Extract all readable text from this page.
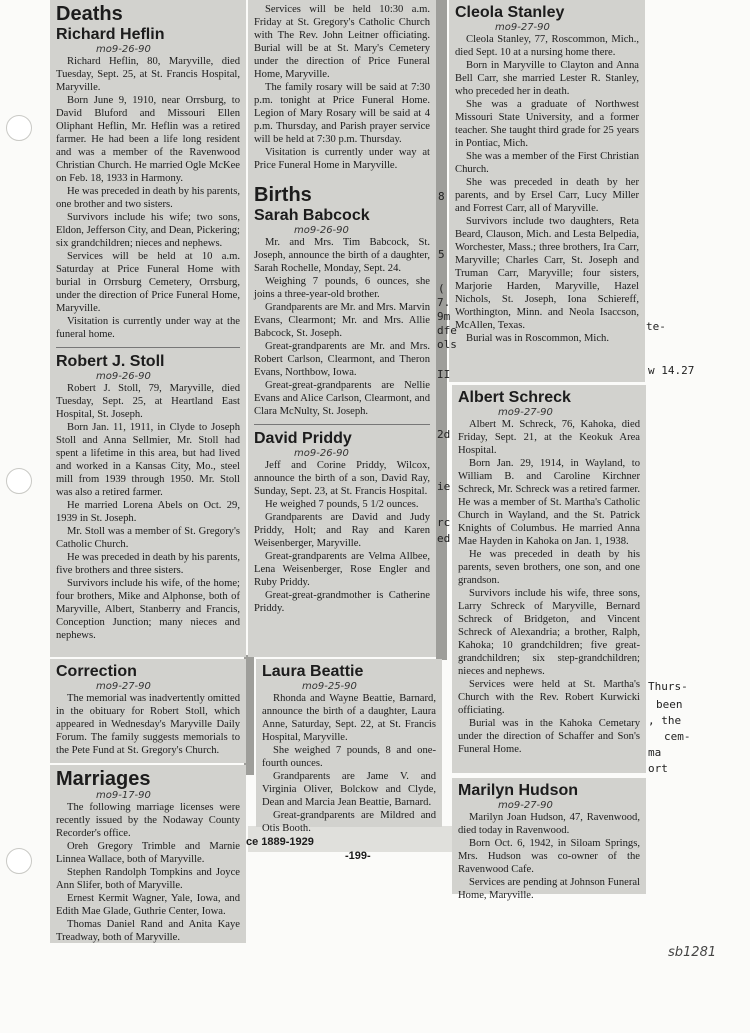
Deaths
Richard Heflin
mo9-26-90

Richard Heflin, 80, Maryville, died Tuesday, Sept. 25, at St. Francis Hospital, Maryville.

Born June 9, 1910, near Orrsburg, to David Bluford and Missouri Ellen Oliphant Heflin, Mr. Heflin was a retired farmer. He had been a life long resident and was a member of the Ravenwood Christian Church. He married Ogle McKee on Feb. 18, 1933 in Harmony.

He was preceded in death by his parents, one brother and two sisters.

Survivors include his wife; two sons, Eldon, Jefferson City, and Dean, Pickering; six grandchildren; nieces and nephews.

Services will be held at 10 a.m. Saturday at Price Funeral Home with burial in Orrsburg Cemetery, Orrsburg, under the direction of Price Funeral Home, Maryville.

Visitation is currently under way at the funeral home.

Robert J. Stoll
mo9-26-90

Robert J. Stoll, 79, Maryville, died Tuesday, Sept. 25, at Heartland East Hospital, St. Joseph.

Born Jan. 11, 1911, in Clyde to Joseph Stoll and Anna Sellmier, Mr. Stoll had spent a lifetime in this area, but had lived and worked in a Kansas City, Mo., steel mill from 1939 through 1950. Mr. Stoll was also a retired farmer.

He married Lorena Abels on Oct. 29, 1939 in St. Joseph.

Mr. Stoll was a member of St. Gregory's Catholic Church.

He was preceded in death by his parents, five brothers and three sisters.

Survivors include his wife, of the home; four brothers, Mike and Alphonse, both of Maryville, Albert, Stanberry and Francis, Conception Junction; many nieces and nephews.

Correction
mo9-27-90

The memorial was inadvertently omitted in the obituary for Robert Stoll, which appeared in Wednesday's Maryville Daily Forum. The family suggests memorials to the Pete Fund at St. Gregory's Church.

Marriages
mo9-17-90

The following marriage licenses were recently issued by the Nodaway County Recorder's office.

Oreh Gregory Trimble and Marnie Linnea Wallace, both of Maryville.

Stephen Randolph Tompkins and Joyce Ann Slifer, both of Maryville.

Ernest Kermit Wagner, Yale, Iowa, and Edith Mae Glade, Guthrie Center, Iowa.

Thomas Daniel Rand and Anita Kaye Treadway, both of Maryville.

Services will be held 10:30 a.m. Friday at St. Gregory's Catholic Church with The Rev. John Leitner officiating. Burial will be at St. Mary's Cemetery under the direction of Price Funeral Home, Maryville.

The family rosary will be said at 7:30 p.m. tonight at Price Funeral Home. Legion of Mary Rosary will be said at 4 p.m. Thursday, and Parish prayer service will be held at 7:30 p.m. Thursday.

Visitation is currently under way at Price Funeral Home in Maryville.

Births
Sarah Babcock
mo9-26-90

Mr. and Mrs. Tim Babcock, St. Joseph, announce the birth of a daughter, Sarah Rochelle, Monday, Sept. 24.

Weighing 7 pounds, 6 ounces, she joins a three-year-old brother.

Grandparents are Mr. and Mrs. Marvin Evans, Clearmont; Mr. and Mrs. Allie Babcock, St. Joseph.

Great-grandparents are Mr. and Mrs. Robert Carlson, Clearmont, and Theron Evans, Northbow, Iowa.

Great-great-grandparents are Nellie Evans and Alice Carlson, Clearmont, and Clara McNulty, St. Joseph.

David Priddy
mo9-26-90

Jeff and Corine Priddy, Wilcox, announce the birth of a son, David Ray, Sunday, Sept. 23, at St. Francis Hospital.

He weighed 7 pounds, 5 1/2 ounces.

Grandparents are David and Judy Priddy, Holt; and Ray and Karen Weisenberger, Maryville.

Great-grandparents are Velma Allbee, Lena Weisenberger, Rose Engler and Ruby Priddy.

Great-great-grandmother is Catherine Priddy.

Laura Beattie
mo9-25-90

Rhonda and Wayne Beattie, Barnard, announce the birth of a daughter, Laura Anne, Saturday, Sept. 22, at St. Francis Hospital, Maryville.

She weighed 7 pounds, 8 and one-fourth ounces.

Grandparents are Jame V. and Virginia Oliver, Bolckow and Clyde, Dean and Marcia Jean Beattie, Barnard.

Great-grandparents are Mildred and Otis Booth.

ce 1889-1929
-199-
Cleola Stanley
mo9-27-90

Cleola Stanley, 77, Roscommon, Mich., died Sept. 10 at a nursing home there.

Born in Maryville to Clayton and Anna Bell Carr, she married Lester R. Stanley, who preceded her in death.

She was a graduate of Northwest Missouri State University, and a former teacher. She taught third grade for 25 years in Pontiac, Mich.

She was a member of the First Christian Church.

She was preceded in death by her parents, and by Ersel Carr, Lucy Miller and Forrest Carr, all of Maryville.

Survivors include two daughters, Reta Beard, Clauson, Mich. and Lesta Belpedia, Worchester, Mass.; three brothers, Ira Carr, Maryville; Charles Carr, St. Joseph and Truman Carr, Maryville; four sisters, Marjorie Harden, Maryville, Hazel Nichols, St. Joseph, Iona Schiereff, Worthington, Minn. and Neola Isaccson, McAllen, Texas.

Burial was in Roscommon, Mich.

Albert Schreck
mo9-27-90

Albert M. Schreck, 76, Kahoka, died Friday, Sept. 21, at the Keokuk Area Hospital.

Born Jan. 29, 1914, in Wayland, to William B. and Caroline Kirchner Schreck, Mr. Schreck was a retired farmer. He was a member of St. Martha's Catholic Church in Wayland, and the St. Patrick Knights of Columbus. He married Anna Mae Hayden in Kahoka on Jan. 1, 1938.

He was preceded in death by his parents, seven brothers, one son, and one grandson.

Survivors include his wife, three sons, Larry Schreck of Maryville, Bernard Schreck of Bridgeton, and Vincent Schreck of Alexandria; a brother, Ralph, Kahoka; 10 grandchildren; five great-grandchildren; six step-grandchildren; nieces and nephews.

Services were held at St. Martha's Church with the Rev. Robert Kurwicki officiating.

Burial was in the Kahoka Cemetary under the direction of Schaffer and Son's Funeral Home.

Marilyn Hudson
mo9-27-90

Marilyn Joan Hudson, 47, Ravenwood, died today in Ravenwood.

Born Oct. 6, 1942, in Siloam Springs, Mrs. Hudson was co-owner of the Ravenwood Cafe.

Services are pending at Johnson Funeral Home, Maryville.

8
5
(
7.
9m
dfe
ols
II
2d
ie
rc
ed
te-
w 14.27
Thurs-
been
, the
cem-
ma
ort
sb1281
